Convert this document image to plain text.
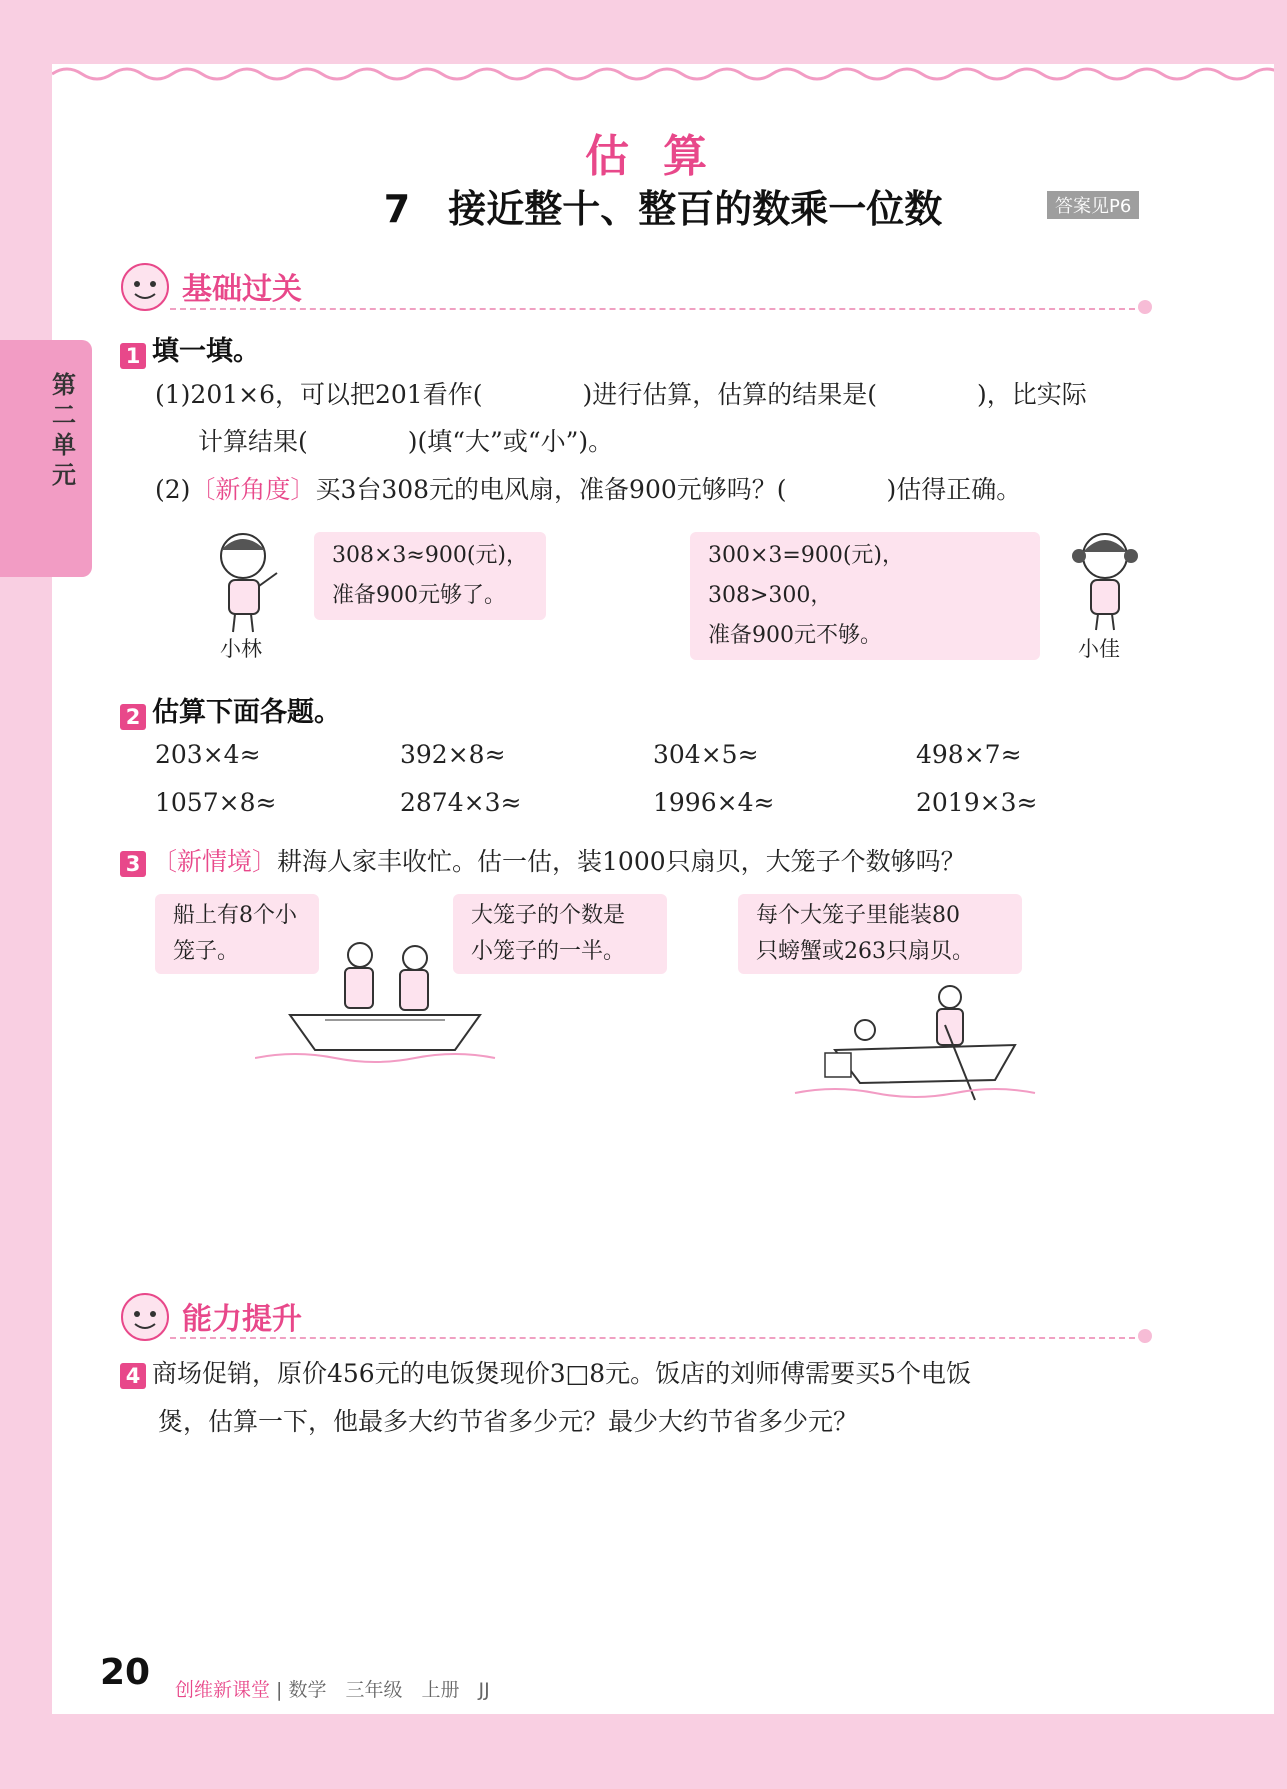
第二单元
估算
7　接近整十、整百的数乘一位数	答案见P6
基础过关
1 填一填。
(1)201×6，可以把201看作(　　　　)进行估算，估算的结果是(　　　　)，比实际
计算结果(　　　　)(填“大”或“小”)。
(2)〔新角度〕买3台308元的电风扇，准备900元够吗？(　　　　)估得正确。
小林
308×3≈900(元)，
准备900元够了。
300×3=900(元)，308>300，
准备900元不够。
小佳
2 估算下面各题。
203×4≈	392×8≈	304×5≈	498×7≈
1057×8≈	2874×3≈	1996×4≈	2019×3≈
3 〔新情境〕耕海人家丰收忙。估一估，装1000只扇贝，大笼子个数够吗？
船上有8个小
笼子。
大笼子的个数是
小笼子的一半。
每个大笼子里能装80
只螃蟹或263只扇贝。
能力提升
4 商场促销，原价456元的电饭煲现价3□8元。饭店的刘师傅需要买5个电饭
煲，估算一下，他最多大约节省多少元？最少大约节省多少元？
20 创维新课堂 | 数学　三年级　上册　JJ
